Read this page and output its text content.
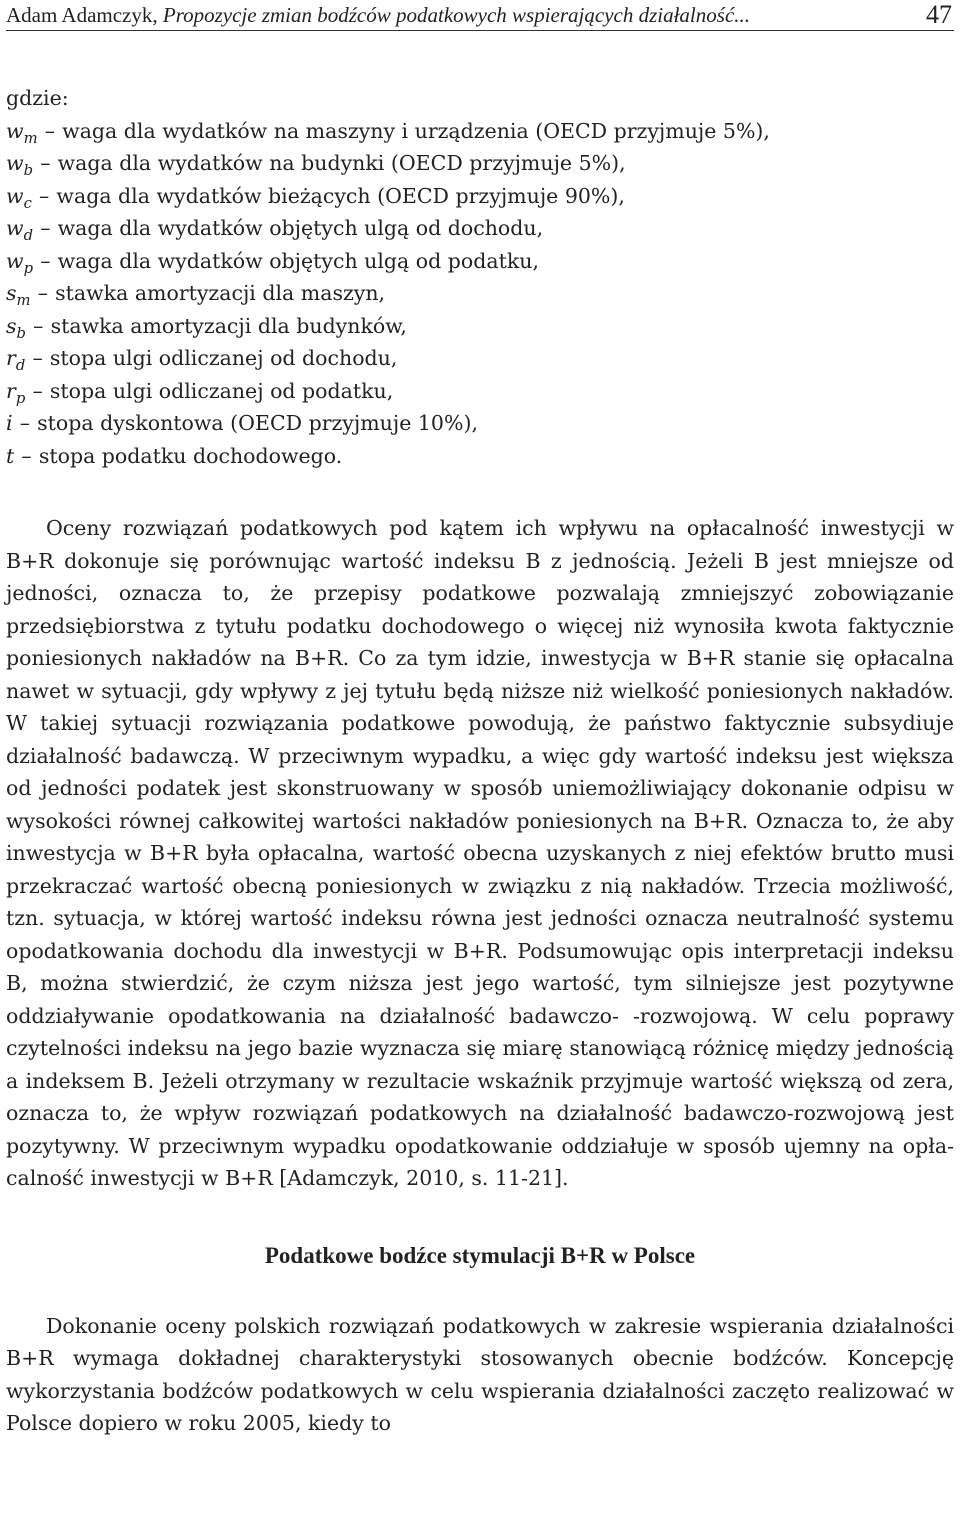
Adam Adamczyk, Propozycje zmian bodźców podatkowych wspierających działalność...	47

gdzie:

$w_m$ – waga dla wydatków na maszyny i urządzenia (OECD przyjmuje 5%),
$w_b$ – waga dla wydatków na budynki (OECD przyjmuje 5%),
$w_c$ – waga dla wydatków bieżących (OECD przyjmuje 90%),
$w_d$ – waga dla wydatków objętych ulgą od dochodu,
$w_p$ – waga dla wydatków objętych ulgą od podatku,
$s_m$ – stawka amortyzacji dla maszyn,
$s_b$ – stawka amortyzacji dla budynków,
$r_d$ – stopa ulgi odliczanej od dochodu,
$r_p$ – stopa ulgi odliczanej od podatku,
i – stopa dyskontowa (OECD przyjmuje 10%),
t – stopa podatku dochodowego.

Oceny rozwiązań podatkowych pod kątem ich wpływu na opłacalność inwestycji w B+R dokonuje się porównując wartość indeksu B z jednością. Jeżeli B jest mniejsze od jedności, oznacza to, że przepisy podatkowe pozwalają zmniejszyć zobowiązanie przedsiębiorstwa z tytułu podatku dochodowego o więcej niż wynosiła kwota faktycznie poniesionych nakładów na B+R. Co za tym idzie, inwestycja w B+R stanie się opłacalna nawet w sytuacji, gdy wpływy z jej tytułu będą niższe niż wielkość poniesionych nakładów. W takiej sytuacji rozwiązania podatkowe powodują, że państwo faktycznie subsydiuje działalność badawczą. W przeciwnym wypadku, a więc gdy wartość indeksu jest większa od jedności podatek jest skonstruowany w sposób uniemożliwiający dokonanie odpisu w wysokości równej całkowitej wartości nakładów poniesionych na B+R. Oznacza to, że aby inwestycja w B+R była opłacalna, wartość obecna uzyskanych z niej efektów brutto musi przekraczać wartość obecną poniesionych w związku z nią nakładów. Trzecia możliwość, tzn. sytuacja, w której wartość indeksu równa jest jedności oznacza neutralność systemu opodatkowania dochodu dla inwestycji w B+R. Podsumowując opis interpretacji indeksu B, można stwierdzić, że czym niższa jest jego wartość, tym silniejsze jest pozytywne oddziaływanie opodatkowania na działalność badawczo- -rozwojową. W celu poprawy czytelności indeksu na jego bazie wyznacza się miarę stanowiącą różnicę między jednością a indeksem B. Jeżeli otrzymany w rezultacie wskaźnik przyjmuje wartość większą od zera, oznacza to, że wpływ rozwiązań podatkowych na działalność badawczo-rozwojową jest pozytywny. W przeciwnym wypadku opodatkowanie oddziałuje w sposób ujemny na opłacalność inwestycji w B+R [Adamczyk, 2010, s. 11-21].

Podatkowe bodźce stymulacji B+R w Polsce

Dokonanie oceny polskich rozwiązań podatkowych w zakresie wspierania działalności B+R wymaga dokładnej charakterystyki stosowanych obecnie bodźców. Koncepcję wykorzystania bodźców podatkowych w celu wspierania działalności zaczęto realizować w Polsce dopiero w roku 2005, kiedy to
